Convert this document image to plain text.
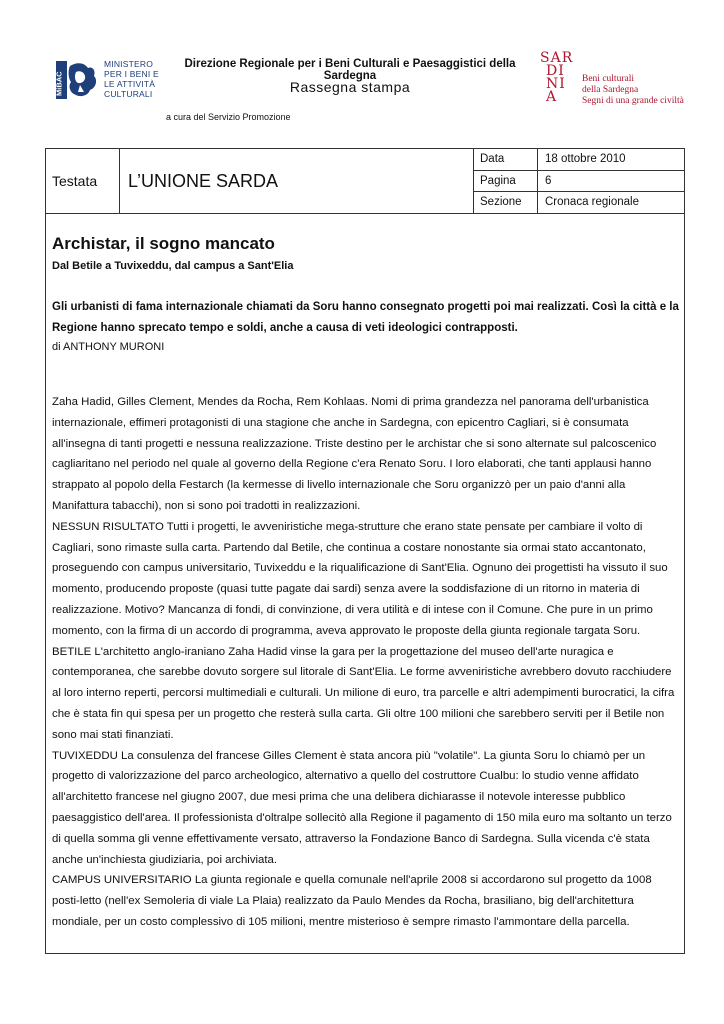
MiBAC
MINISTERO
PER I BENI E
LE ATTIVITÀ
CULTURALI
Direzione Regionale per i Beni Culturali e Paesaggistici della Sardegna
Rassegna stampa
a cura del Servizio Promozione
SAR
DI
NI
A
Beni culturali
della Sardegna
Segni di una grande civiltà
Testata	L’UNIONE SARDA
Data	18 ottobre 2010
Pagina	6
Sezione	Cronaca regionale
Archistar, il sogno mancato
Dal Betile a Tuvixeddu, dal campus a Sant'Elia
Gli urbanisti di fama internazionale chiamati da Soru hanno consegnato progetti poi mai realizzati. Così la città e la Regione hanno sprecato tempo e soldi, anche a causa di veti ideologici contrapposti.
di ANTHONY MURONI

Zaha Hadid, Gilles Clement, Mendes da Rocha, Rem Kohlaas. Nomi di prima grandezza nel panorama dell'urbanistica internazionale, effimeri protagonisti di una stagione che anche in Sardegna, con epicentro Cagliari, si è consumata all'insegna di tanti progetti e nessuna realizzazione. Triste destino per le archistar che si sono alternate sul palcoscenico cagliaritano nel periodo nel quale al governo della Regione c'era Renato Soru. I loro elaborati, che tanti applausi hanno strappato al popolo della Festarch (la kermesse di livello internazionale che Soru organizzò per un paio d'anni alla Manifattura tabacchi), non si sono poi tradotti in realizzazioni.

NESSUN RISULTATO Tutti i progetti, le avveniristiche mega-strutture che erano state pensate per cambiare il volto di Cagliari, sono rimaste sulla carta. Partendo dal Betile, che continua a costare nonostante sia ormai stato accantonato, proseguendo con campus universitario, Tuvixeddu e la riqualificazione di Sant'Elia. Ognuno dei progettisti ha vissuto il suo momento, producendo proposte (quasi tutte pagate dai sardi) senza avere la soddisfazione di un ritorno in materia di realizzazione. Motivo? Mancanza di fondi, di convinzione, di vera utilità e di intese con il Comune. Che pure in un primo momento, con la firma di un accordo di programma, aveva approvato le proposte della giunta regionale targata Soru.

BETILE L'architetto anglo-iraniano Zaha Hadid vinse la gara per la progettazione del museo dell'arte nuragica e contemporanea, che sarebbe dovuto sorgere sul litorale di Sant'Elia. Le forme avveniristiche avrebbero dovuto racchiudere al loro interno reperti, percorsi multimediali e culturali. Un milione di euro, tra parcelle e altri adempimenti burocratici, la cifra che è stata fin qui spesa per un progetto che resterà sulla carta. Gli oltre 100 milioni che sarebbero serviti per il Betile non sono mai stati finanziati.

TUVIXEDDU La consulenza del francese Gilles Clement è stata ancora più "volatile". La giunta Soru lo chiamò per un progetto di valorizzazione del parco archeologico, alternativo a quello del costruttore Cualbu: lo studio venne affidato all'architetto francese nel giugno 2007, due mesi prima che una delibera dichiarasse il notevole interesse pubblico paesaggistico dell'area. Il professionista d'oltralpe sollecitò alla Regione il pagamento di 150 mila euro ma soltanto un terzo di quella somma gli venne effettivamente versato, attraverso la Fondazione Banco di Sardegna. Sulla vicenda c'è stata anche un'inchiesta giudiziaria, poi archiviata.

CAMPUS UNIVERSITARIO La giunta regionale e quella comunale nell'aprile 2008 si accordarono sul progetto da 1008 posti-letto (nell'ex Semoleria di viale La Plaia) realizzato da Paulo Mendes da Rocha, brasiliano, big dell'architettura mondiale, per un costo complessivo di 105 milioni, mentre misterioso è sempre rimasto l'ammontare della parcella.
